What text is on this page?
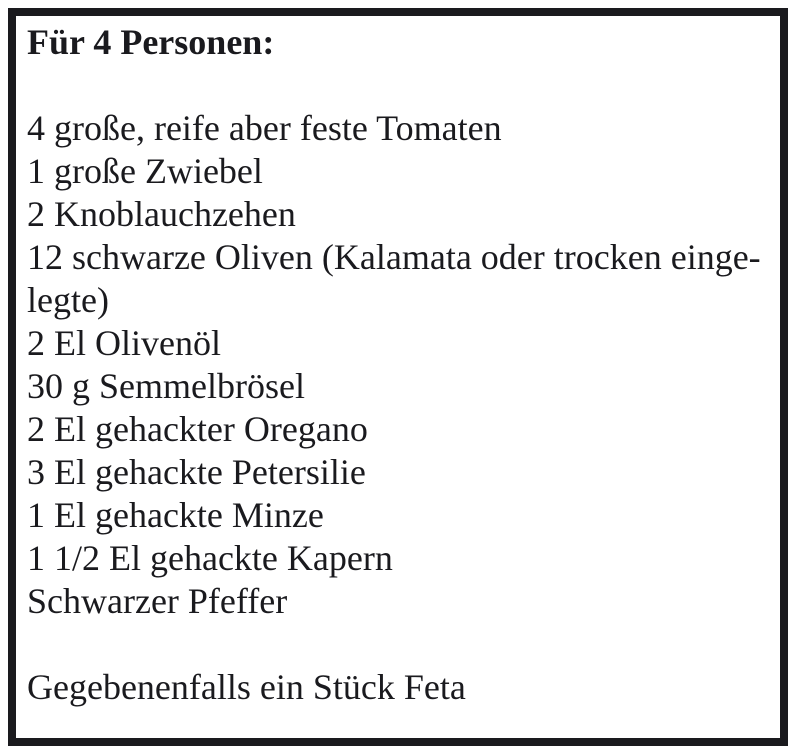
Für 4 Personen:
4 große, reife aber feste Tomaten
1 große Zwiebel
2 Knoblauchzehen
12 schwarze Oliven (Kalamata oder trocken einge-
legte)
2 El Olivenöl
30 g Semmelbrösel
2 El gehackter Oregano
3 El gehackte Petersilie
1 El gehackte Minze
1 1/2 El gehackte Kapern
Schwarzer Pfeffer
Gegebenenfalls ein Stück Feta
